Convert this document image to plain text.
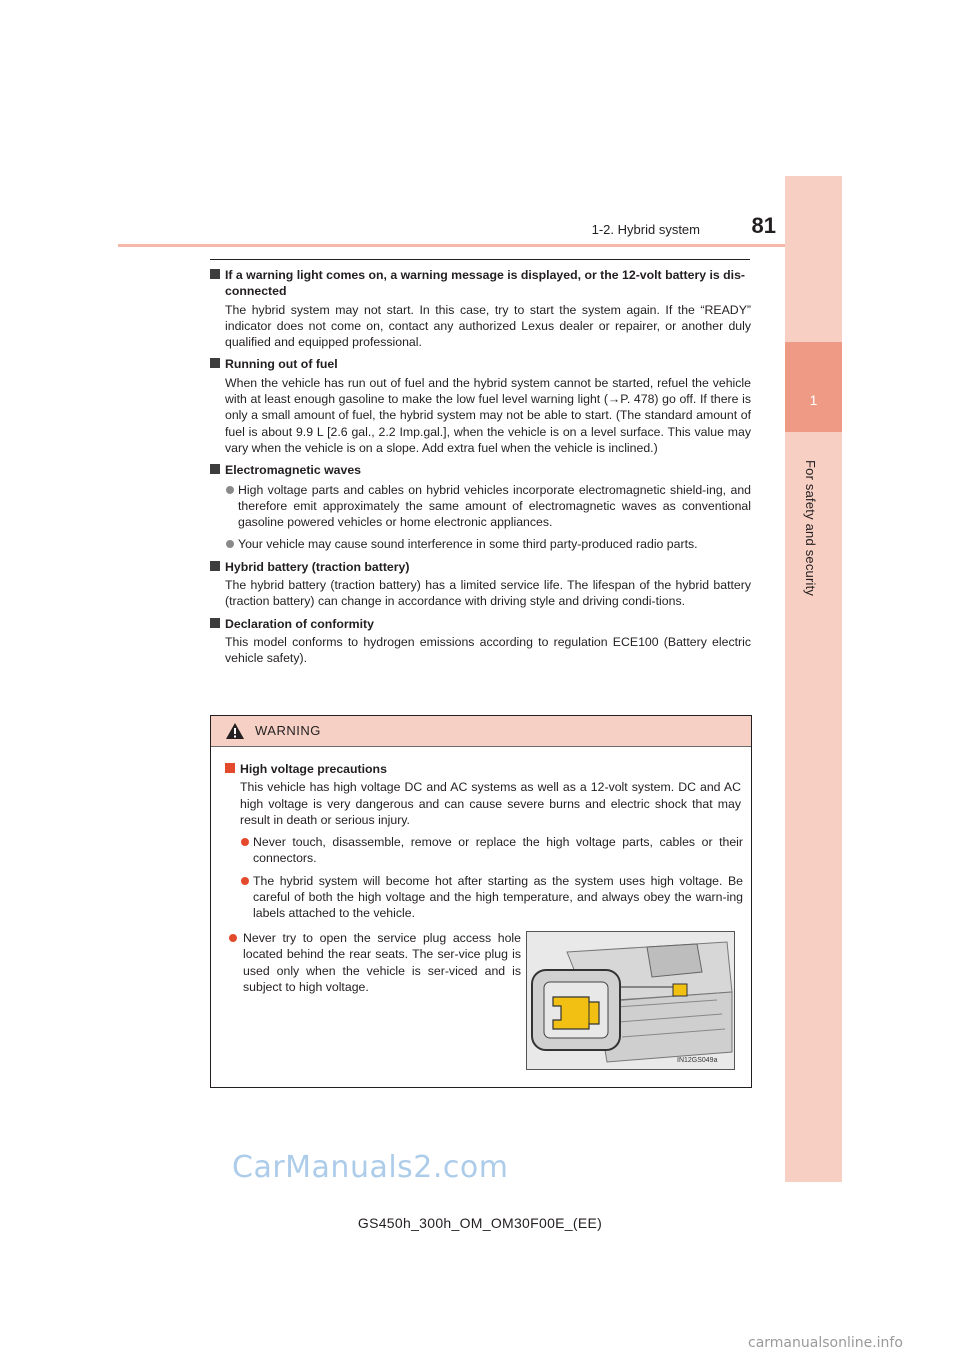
1
For safety and security
1-2. Hybrid system	81
If a warning light comes on, a warning message is displayed, or the 12-volt battery is dis-connected
The hybrid system may not start. In this case, try to start the system again. If the “READY” indicator does not come on, contact any authorized Lexus dealer or repairer, or another duly qualified and equipped professional.
Running out of fuel
When the vehicle has run out of fuel and the hybrid system cannot be started, refuel the vehicle with at least enough gasoline to make the low fuel level warning light (→P. 478) go off. If there is only a small amount of fuel, the hybrid system may not be able to start. (The standard amount of fuel is about 9.9 L [2.6 gal., 2.2 Imp.gal.], when the vehicle is on a level surface. This value may vary when the vehicle is on a slope. Add extra fuel when the vehicle is inclined.)
Electromagnetic waves
High voltage parts and cables on hybrid vehicles incorporate electromagnetic shield-ing, and therefore emit approximately the same amount of electromagnetic waves as conventional gasoline powered vehicles or home electronic appliances.
Your vehicle may cause sound interference in some third party-produced radio parts.
Hybrid battery (traction battery)
The hybrid battery (traction battery) has a limited service life. The lifespan of the hybrid battery (traction battery) can change in accordance with driving style and driving condi-tions.
Declaration of conformity
This model conforms to hydrogen emissions according to regulation ECE100 (Battery electric vehicle safety).
WARNING
High voltage precautions
This vehicle has high voltage DC and AC systems as well as a 12-volt system. DC and AC high voltage is very dangerous and can cause severe burns and electric shock that may result in death or serious injury.
Never touch, disassemble, remove or replace the high voltage parts, cables or their connectors.
The hybrid system will become hot after starting as the system uses high voltage. Be careful of both the high voltage and the high temperature, and always obey the warn-ing labels attached to the vehicle.
Never try to open the service plug access hole located behind the rear seats. The ser-vice plug is used only when the vehicle is ser-viced and is subject to high voltage.
IN12GS049a
CarManuals2.com
GS450h_300h_OM_OM30F00E_(EE)
carmanualsonline.info
